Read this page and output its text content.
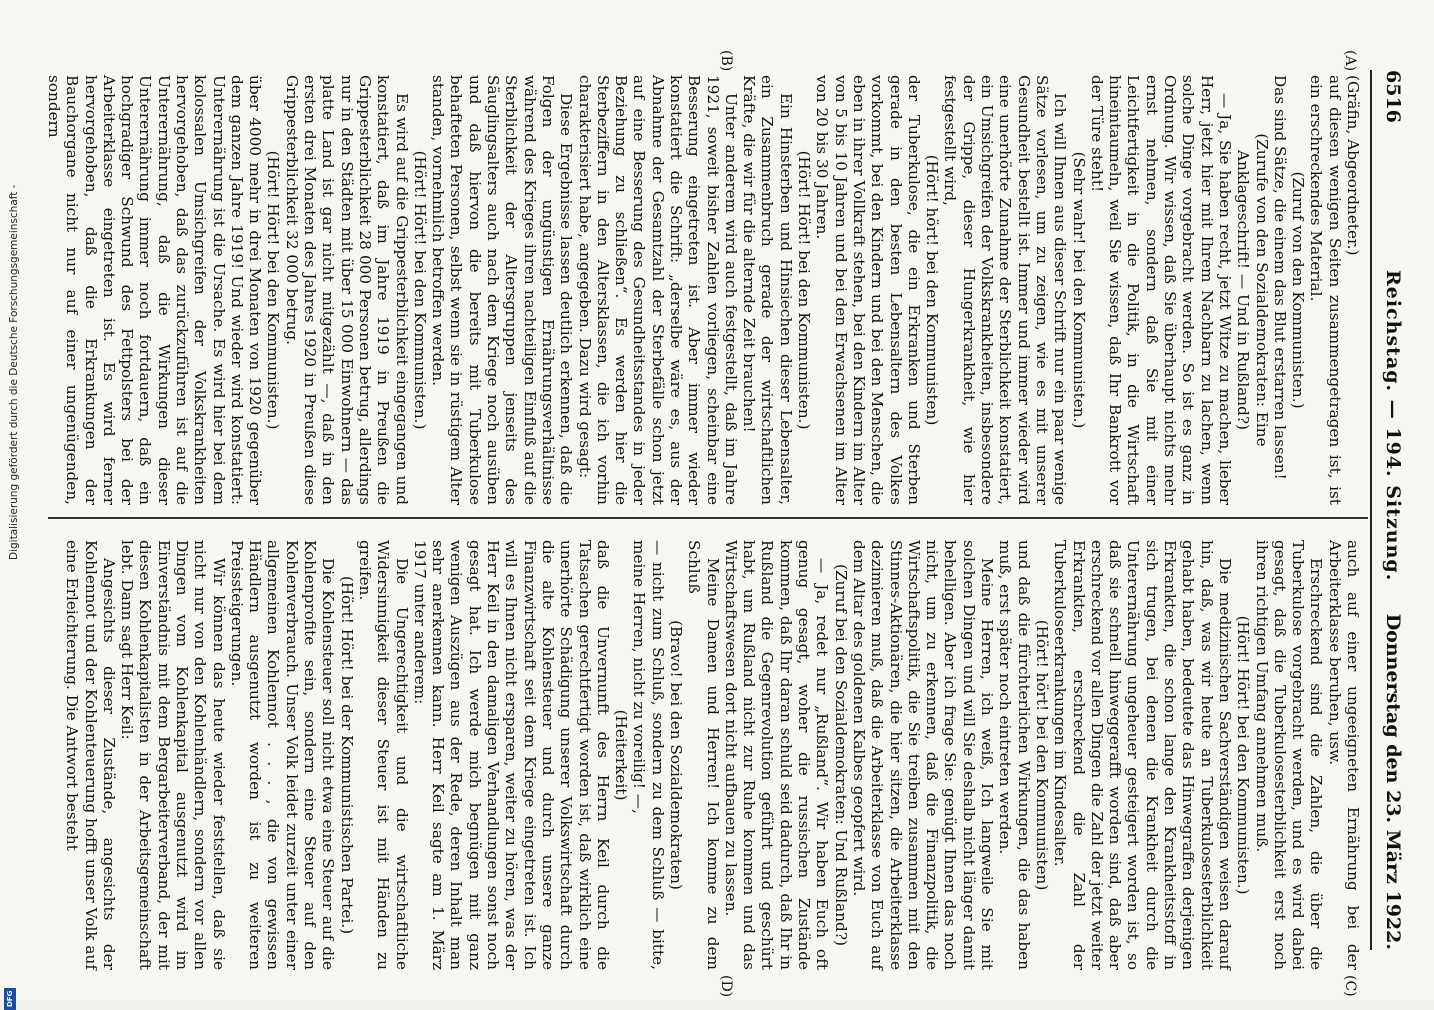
6516
Reichstag. — 194. Sitzung.
Donnerstag den 23. März 1922.
(A)
(B)
(C)
(D)

(Gräfin, Abgeordneter.)

auf diesen wenigen Seiten zusammengetragen ist, ist ein erschreckendes Material.

(Zuruf von den Kommunisten.)

Das sind Sätze, die einem das Blut erstarren lassen!

(Zurufe von den Sozialdemokraten: Eine Anklageschrift! — Und in Rußland?)

— Ja, Sie haben recht, jetzt Witze zu machen, lieber Herr, jetzt hier mit Ihrem Nachbarn zu lachen, wenn solche Dinge vorgebracht werden. So ist es ganz in Ordnung. Wir wissen, daß Sie überhaupt nichts mehr ernst nehmen, sondern daß Sie mit einer Leichtfertigkeit in die Politik, in die Wirtschaft hineintaumeln, weil Sie wissen, daß Ihr Bankrott vor der Türe steht!

(Sehr wahr! bei den Kommunisten.)

Ich will Ihnen aus dieser Schrift nur ein paar wenige Sätze vorlesen, um zu zeigen, wie es mit unserer Gesundheit bestellt ist. Immer und immer wieder wird eine unerhörte Zunahme der Sterblichkeit konstatiert, ein Umsichgreifen der Volkskrankheiten, insbesondere der Grippe, dieser Hungerkrankheit, wie hier festgestellt wird,

(Hört! hört! bei den Kommunisten)

der Tuberkulose, die ein Erkranken und Sterben gerade in den besten Lebensaltern des Volkes vorkommt, bei den Kindern und bei den Menschen, die eben in ihrer Vollkraft stehen, bei den Kindern im Alter von 5 bis 10 Jahren und bei den Erwachsenen im Alter von 20 bis 30 Jahren.

(Hört! Hört! bei den Kommunisten.)

Ein Hinsterben und Hinsiechen dieser Lebensalter, ein Zusammenbruch gerade der wirtschaftlichen Kräfte, die wir für die alternde Zeit brauchen!

Unter anderem wird auch festgestellt, daß im Jahre 1921, soweit bisher Zahlen vorliegen, scheinbar eine Besserung eingetreten ist. Aber immer wieder konstatiert die Schrift: „derselbe wäre es, aus der Abnahme der Gesamtzahl der Sterbefälle schon jetzt auf eine Besserung des Gesundheitsstandes in jeder Beziehung zu schließen“. Es werden hier die Sterbeziffern in den Altersklassen, die ich vorhin charakterisiert habe, angegeben. Dazu wird gesagt:

Diese Ergebnisse lassen deutlich erkennen, daß die Folgen der ungünstigen Ernährungsverhältnisse während des Krieges ihren nachteiligen Einfluß auf die Sterblichkeit der Altersgruppen jenseits des Säuglingsalters auch nach dem Kriege noch ausüben und daß hiervon die bereits mit Tuberkulose behafteten Personen, selbst wenn sie in rüstigem Alter standen, vornehmlich betroffen werden.

(Hört! Hört! bei den Kommunisten.)

Es wird auf die Grippesterblichkeit eingegangen und konstatiert, daß im Jahre 1919 in Preußen die Grippesterblichkeit 28 000 Personen betrug, allerdings nur in den Städten mit über 15 000 Einwohnern — das platte Land ist gar nicht mitgezählt —, daß in den ersten drei Monaten des Jahres 1920 in Preußen diese Grippesterblichkeit 32 000 betrug.

(Hört! Hört! bei den Kommunisten.)

über 4000 mehr in drei Monaten von 1920 gegenüber dem ganzen Jahre 1919! Und wieder wird konstatiert: Unterernährung ist die Ursache. Es wird hier bei dem kolossalen Umsichgreifen der Volkskrankheiten hervorgehoben, daß das zurückzuführen ist auf die Unterernährung, daß die Wirkungen dieser Unterernährung immer noch fortdauern, daß ein hochgradiger Schwund des Fettpolsters bei der Arbeiterklasse eingetreten ist. Es wird ferner hervorgehoben, daß die Erkrankungen der Bauchorgane nicht nur auf einer ungenügenden, sondern

auch auf einer ungeeigneten Ernährung bei der Arbeiterklasse beruhen, usw.

Erschreckend sind die Zahlen, die über die Tuberkulose vorgebracht werden, und es wird dabei gesagt, daß die Tuberkulosesterblichkeit erst noch ihren richtigen Umfang annehmen muß.

(Hört! Hört! bei den Kommunisten.)

Die medizinischen Sachverständigen weisen darauf hin, daß, was wir heute an Tuberkulosesterblichkeit gehabt haben, bedeutete das Hinwegraffen derjenigen Erkrankten, die schon lange den Krankheitsstoff in sich trugen, bei denen die Krankheit durch die Unterernährung ungeheuer gesteigert worden ist, so daß sie schnell hinweggerafft worden sind, daß aber erschreckend vor allen Dingen die Zahl der jetzt weiter Erkrankten, erschreckend die Zahl der Tuberkuloseerkrankungen im Kindesalter.

(Hört! hört! bei den Kommunisten)

und daß die fürchterlichen Wirkungen, die das haben muß, erst später noch eintreten werden.

Meine Herren, ich weiß, Ich langweile Sie mit solchen Dingen und will Sie deshalb nicht länger damit behelligen. Aber ich frage Sie: genügt Ihnen das noch nicht, um zu erkennen, daß die Finanzpolitik, die Wirtschaftspolitik, die Sie treiben zusammen mit den Stinnes-Aktionären, die hier sitzen, die Arbeiterklasse dezimieren muß, daß die Arbeiterklasse von Euch auf dem Altar des goldenen Kalbes geopfert wird.

(Zuruf bei den Sozialdemokraten: Und Rußland?)

— Ja, redet nur „Rußland“. Wir haben Euch oft genug gesagt, woher die russischen Zustände kommen, daß Ihr daran schuld seid dadurch, daß Ihr in Rußland die Gegenrevolution geführt und geschürt habt, um Rußland nicht zur Ruhe kommen und das Wirtschaftswesen dort nicht aufbauen zu lassen.

Meine Damen und Herren! Ich komme zu dem Schluß

(Bravo! bei den Sozialdemokraten)

— nicht zum Schluß, sondern zu dem Schluß — bitte, meine Herren, nicht zu voreilig! —,

(Heiterkeit)

daß die Unvernunft des Herrn Keil durch die Tatsachen gerechtfertigt worden ist, daß wirklich eine unerhörte Schädigung unserer Volkswirtschaft durch die alte Kohlensteuer und durch unsere ganze Finanzwirtschaft seit dem Kriege eingetreten ist. Ich will es Ihnen nicht ersparen, weiter zu hören, was der Herr Keil in den damaligen Verhandlungen sonst noch gesagt hat. Ich werde mich begnügen mit ganz wenigen Auszügen aus der Rede, deren Inhalt man sehr anerkennen kann. Herr Keil sagte am 1. März 1917 unter anderem:

Die Ungerechtigkeit und die wirtschaftliche Widersinnigkeit dieser Steuer ist mit Händen zu greifen.

(Hört! Hört! bei der Kommunistischen Partei.)

Die Kohlensteuer soll nicht etwa eine Steuer auf die Kohlenprofite sein, sondern eine Steuer auf den Kohlenverbrauch. Unser Volk leidet zurzeit unter einer allgemeinen Kohlennot . . . , die von gewissen Händlern ausgenutzt worden ist zu weiteren Preissteigerungen.

Wir können das heute wieder feststellen, daß sie nicht nur von den Kohlenhändlern, sondern vor allen Dingen vom Kohlenkapital ausgenutzt wird im Einverständnis mit dem Bergarbeiterverband, der mit diesen Kohlenkapitalisten in der Arbeitsgemeinschaft lebt. Dann sagt Herr Keil:

Angesichts dieser Zustände, angesichts der Kohlennot und der Kohlenteuerung hofft unser Volk auf eine Erleichterung. Die Antwort besteht

Digitalisierung gefördert durch die Deutsche Forschungsgemeinschaft -
DFG
